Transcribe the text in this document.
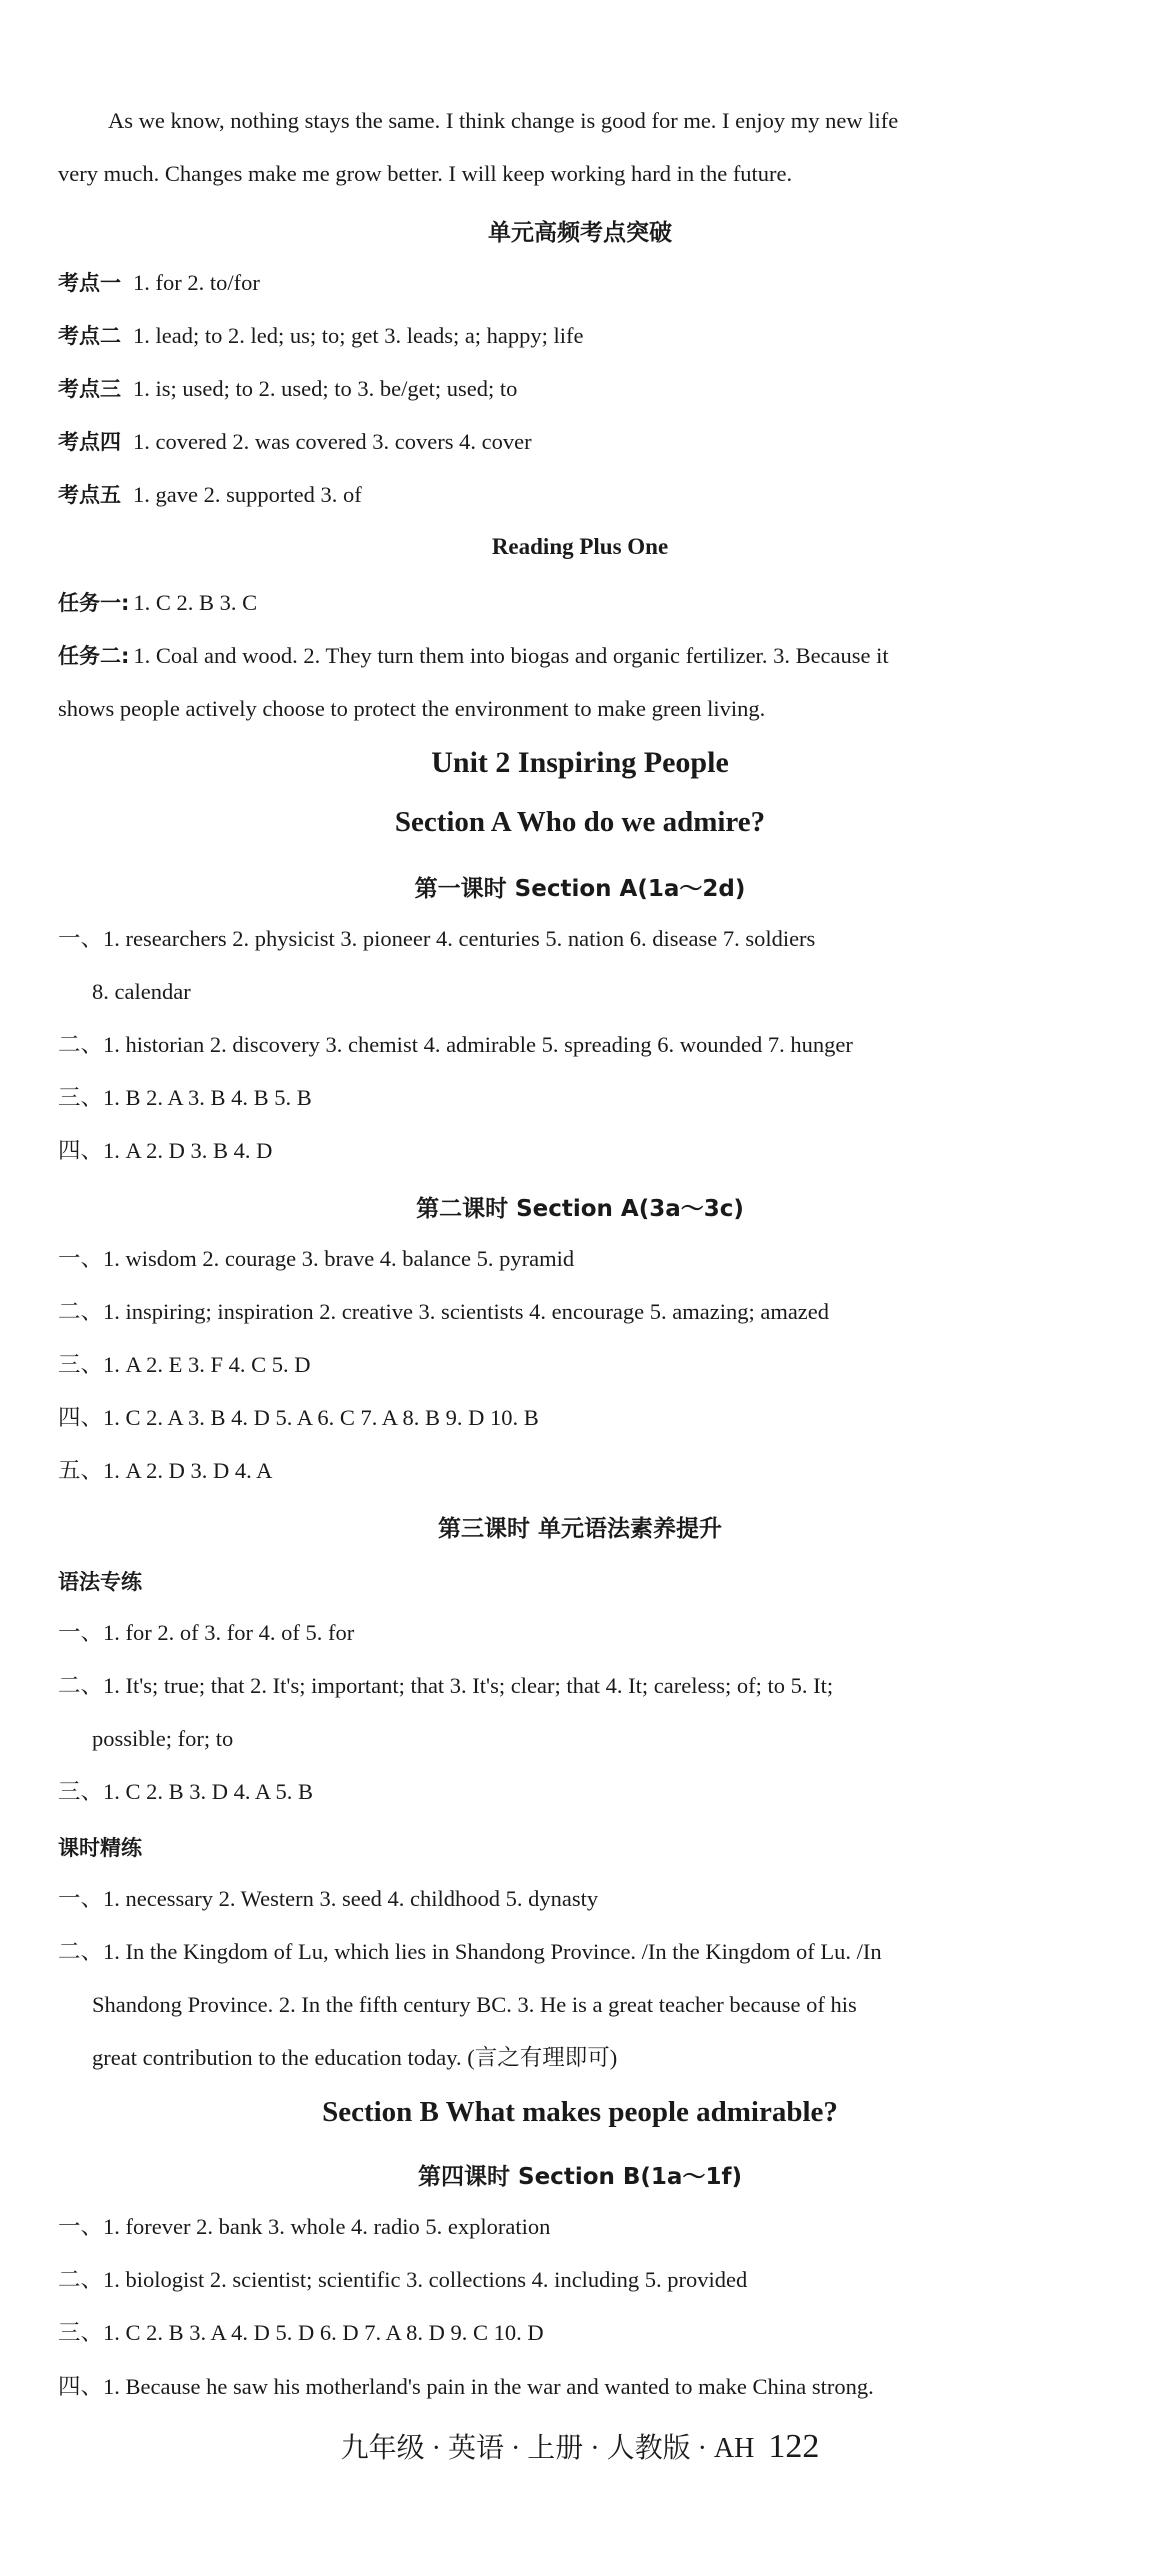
As we know, nothing stays the same. I think change is good for me. I enjoy my new life
very much. Changes make me grow better. I will keep working hard in the future.
单元高频考点突破
考点一 1. for 2. to/for
考点二 1. lead; to 2. led; us; to; get 3. leads; a; happy; life
考点三 1. is; used; to 2. used; to 3. be/get; used; to
考点四 1. covered 2. was covered 3. covers 4. cover
考点五 1. gave 2. supported 3. of
Reading Plus One
任务一: 1. C 2. B 3. C
任务二: 1. Coal and wood. 2. They turn them into biogas and organic fertilizer. 3. Because it
shows people actively choose to protect the environment to make green living.
Unit 2 Inspiring People
Section A Who do we admire?
第一课时 Section A(1a～2d)
一、1. researchers 2. physicist 3. pioneer 4. centuries 5. nation 6. disease 7. soldiers
8. calendar
二、1. historian 2. discovery 3. chemist 4. admirable 5. spreading 6. wounded 7. hunger
三、1. B 2. A 3. B 4. B 5. B
四、1. A 2. D 3. B 4. D
第二课时 Section A(3a～3c)
一、1. wisdom 2. courage 3. brave 4. balance 5. pyramid
二、1. inspiring; inspiration 2. creative 3. scientists 4. encourage 5. amazing; amazed
三、1. A 2. E 3. F 4. C 5. D
四、1. C 2. A 3. B 4. D 5. A 6. C 7. A 8. B 9. D 10. B
五、1. A 2. D 3. D 4. A
第三课时 单元语法素养提升
语法专练
一、1. for 2. of 3. for 4. of 5. for
二、1. It's; true; that 2. It's; important; that 3. It's; clear; that 4. It; careless; of; to 5. It;
possible; for; to
三、1. C 2. B 3. D 4. A 5. B
课时精练
一、1. necessary 2. Western 3. seed 4. childhood 5. dynasty
二、1. In the Kingdom of Lu, which lies in Shandong Province. /In the Kingdom of Lu. /In
Shandong Province. 2. In the fifth century BC. 3. He is a great teacher because of his
great contribution to the education today. (言之有理即可)
Section B What makes people admirable?
第四课时 Section B(1a～1f)
一、1. forever 2. bank 3. whole 4. radio 5. exploration
二、1. biologist 2. scientist; scientific 3. collections 4. including 5. provided
三、1. C 2. B 3. A 4. D 5. D 6. D 7. A 8. D 9. C 10. D
四、1. Because he saw his motherland's pain in the war and wanted to make China strong.
九年级 · 英语 · 上册 · 人教版 · AH 122
